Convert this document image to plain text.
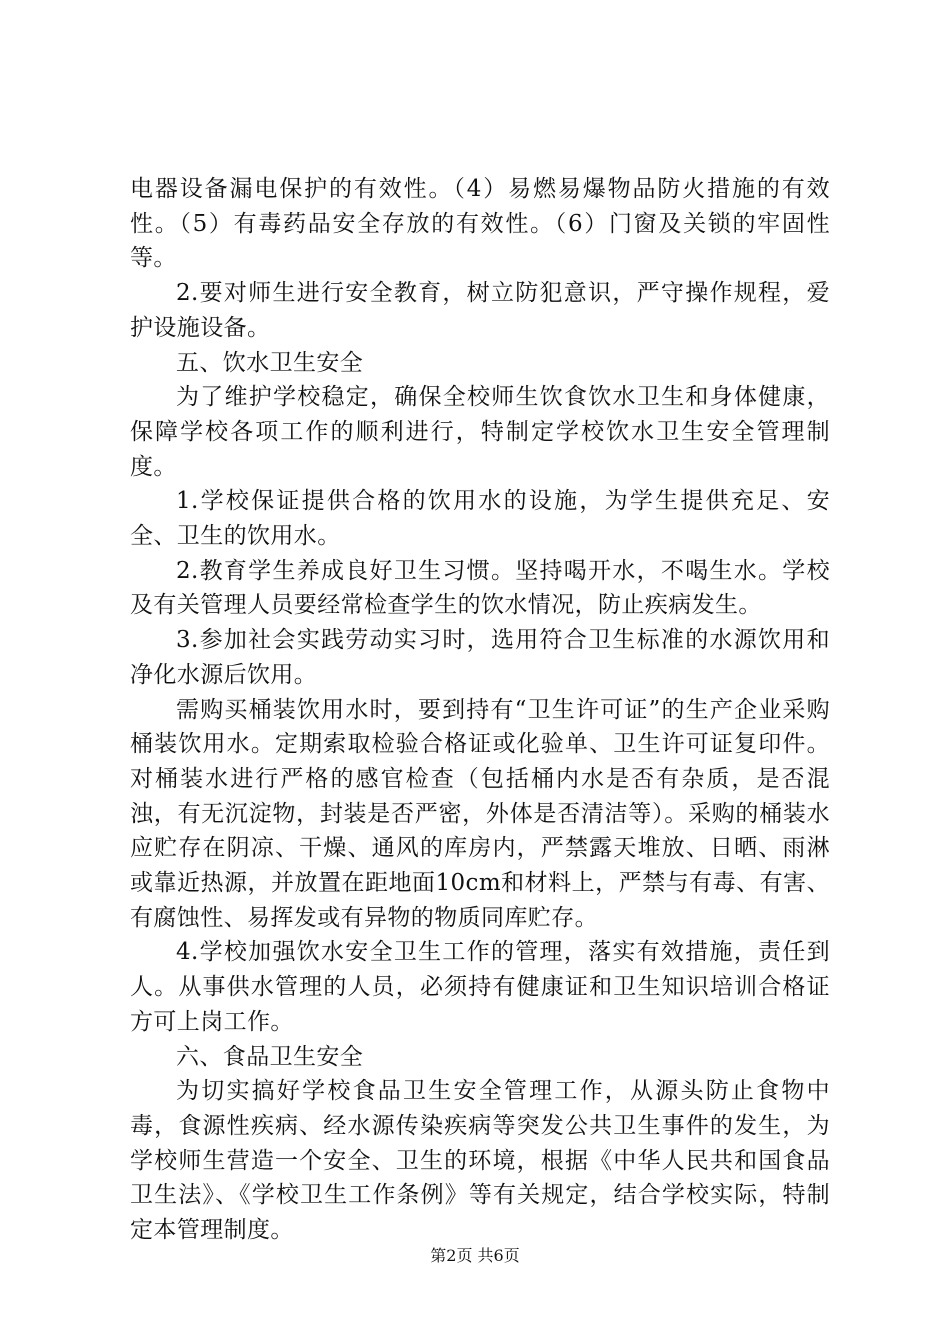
电器设备漏电保护的有效性。（4）易燃易爆物品防火措施的有效性。（5）有毒药品安全存放的有效性。（6）门窗及关锁的牢固性等。

2.要对师生进行安全教育，树立防犯意识，严守操作规程，爱护设施设备。

五、饮水卫生安全

为了维护学校稳定，确保全校师生饮食饮水卫生和身体健康，保障学校各项工作的顺利进行，特制定学校饮水卫生安全管理制度。

1.学校保证提供合格的饮用水的设施，为学生提供充足、安全、卫生的饮用水。

2.教育学生养成良好卫生习惯。坚持喝开水，不喝生水。学校及有关管理人员要经常检查学生的饮水情况，防止疾病发生。

3.参加社会实践劳动实习时，选用符合卫生标准的水源饮用和净化水源后饮用。

需购买桶装饮用水时，要到持有“卫生许可证”的生产企业采购桶装饮用水。定期索取检验合格证或化验单、卫生许可证复印件。对桶装水进行严格的感官检查（包括桶内水是否有杂质，是否混浊，有无沉淀物，封装是否严密，外体是否清洁等）。采购的桶装水应贮存在阴凉、干燥、通风的库房内，严禁露天堆放、日晒、雨淋或靠近热源，并放置在距地面10cm和材料上，严禁与有毒、有害、有腐蚀性、易挥发或有异物的物质同库贮存。

4.学校加强饮水安全卫生工作的管理，落实有效措施，责任到人。从事供水管理的人员，必须持有健康证和卫生知识培训合格证方可上岗工作。

六、食品卫生安全

为切实搞好学校食品卫生安全管理工作，从源头防止食物中毒，食源性疾病、经水源传染疾病等突发公共卫生事件的发生，为学校师生营造一个安全、卫生的环境，根据《中华人民共和国食品卫生法》、《学校卫生工作条例》等有关规定，结合学校实际，特制定本管理制度。

第2页 共6页
